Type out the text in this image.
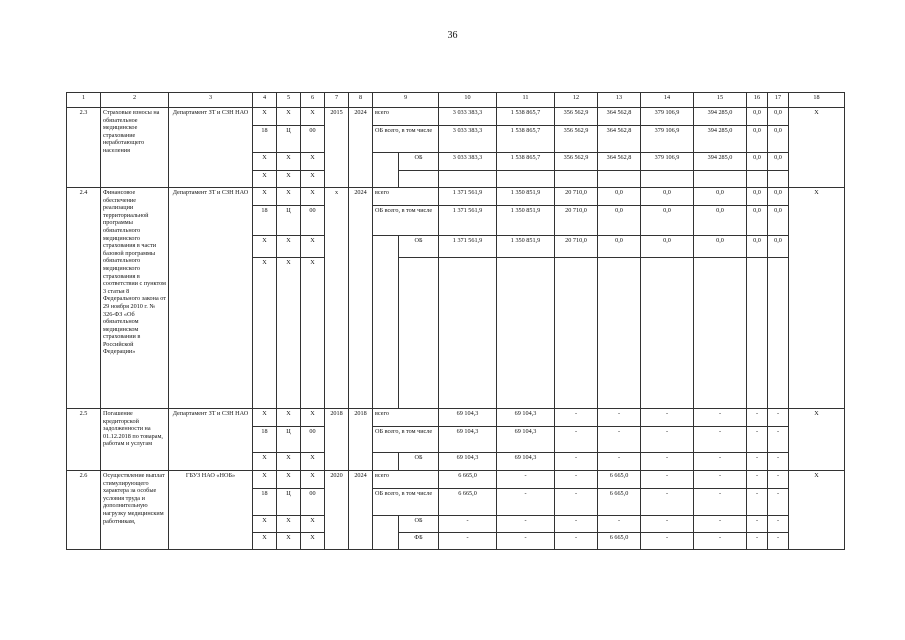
36
1	2	3	4	5	6	7	8	9		10	11	12	13	14	15	16	17	18
2.3	Страховые взносы на обязательное медицинское страхование неработающего населения	Департамент ЗТ и СЗН НАО	Х	Х	Х	2015	2024	всего		3 033 383,3	1 538 865,7	356 562,9	364 562,8	379 106,9	394 285,0	0,0	0,0	Х
			18	Ц	00			ОБ всего, в том числе		3 033 383,3	1 538 865,7	356 562,9	364 562,8	379 106,9	394 285,0	0,0	0,0	
			Х	Х	Х				ОБ	3 033 383,3	1 538 865,7	356 562,9	364 562,8	379 106,9	394 285,0	0,0	0,0	
			Х	Х	Х													
2.4	Финансовое обеспечение реализации территориальной программы обязательного медицинского страхования в части базовой программы обязательного медицинского страхования в соответствии с пунктом 3 статьи 8 Федерального закона от 29 ноября 2010 г. № 326-ФЗ «Об обязательном медицинском страховании в Российской Федерации»	Департамент ЗТ и СЗН НАО	Х	Х	Х	х	2024	всего		1 371 561,9	1 350 851,9	20 710,0	0,0	0,0	0,0	0,0	0,0	Х
			18	Ц	00			ОБ всего, в том числе		1 371 561,9	1 350 851,9	20 710,0	0,0	0,0	0,0	0,0	0,0	
			Х	Х	Х				ОБ	1 371 561,9	1 350 851,9	20 710,0	0,0	0,0	0,0	0,0	0,0	
			Х	Х	Х													
2.5	Погашение кредиторской задолженности на 01.12.2018 по товарам, работам и услугам	Департамент ЗТ и СЗН НАО	Х	Х	Х	2018	2018	всего		69 104,3	69 104,3	-	-	-	-	-	-	Х
			18	Ц	00			ОБ всего, в том числе		69 104,3	69 104,3	-	-	-	-	-	-	
			Х	Х	Х				ОБ	69 104,3	69 104,3	-	-	-	-	-	-	
2.6	Осуществление выплат стимулирующего характера за особые условия труда и дополнительную нагрузку медицинским работникам,	ГБУЗ НАО «НОБ»	Х	Х	Х	2020	2024	всего		6 665,0	-	-	6 665,0	-	-	-	-	Х
			18	Ц	00			ОБ всего, в том числе		6 665,0	-	-	6 665,0	-	-	-	-	
			Х	Х	Х				ОБ	-	-	-	-	-	-	-	-	
			Х	Х	Х				ФБ	-	-	-	6 665,0	-	-	-	-	
